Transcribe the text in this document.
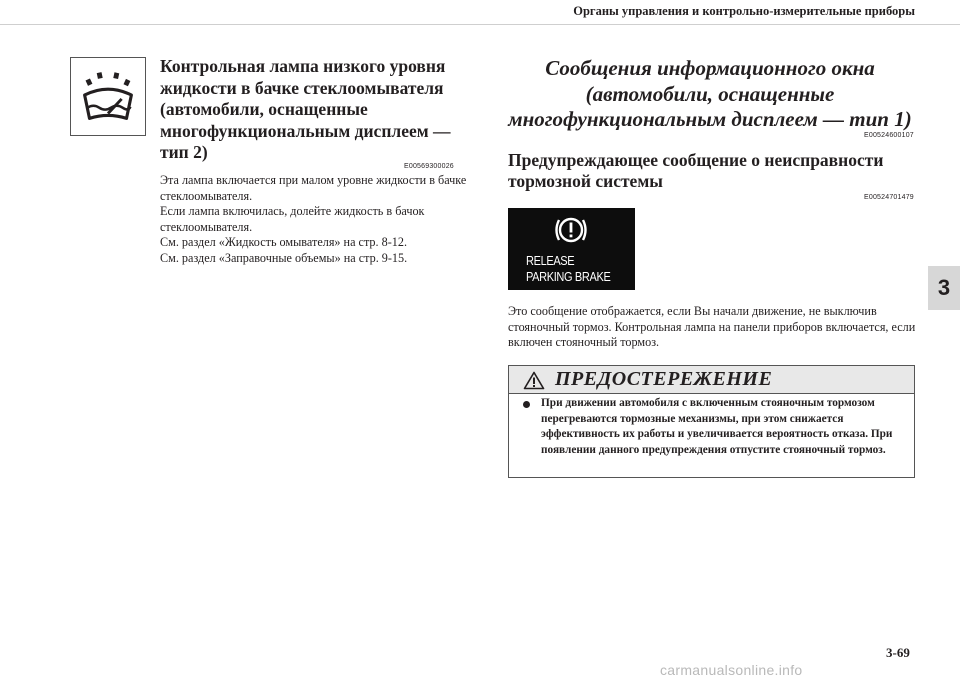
Органы управления и контрольно-измерительные приборы
3
Контрольная лампа низкого уровня жидкости в бачке стеклоомывателя (автомобили, оснащенные многофункциональным дисплеем — тип 2)
E00569300026

Эта лампа включается при малом уровне жидкости в бачке стеклоомывателя.

Если лампа включилась, долейте жидкость в бачок стеклоомывателя.

См. раздел «Жидкость омывателя» на стр. 8-12.

См. раздел «Заправочные объемы» на стр. 9-15.

Сообщения информационного окна (автомобили, оснащенные многофункциональным дисплеем — тип 1)
E00524600107
Предупреждающее сообщение о неисправности тормозной системы
E00524701479
RELEASE
PARKING BRAKE

Это сообщение отображается, если Вы начали движение, не выключив стояночный тормоз. Контрольная лампа на панели приборов включается, если включен стояночный тормоз.

ПРЕДОСТЕРЕЖЕНИЕ
При движении автомобиля с включенным стояночным тормозом перегреваются тормозные механизмы, при этом снижается эффективность их работы и увеличивается вероятность отказа. При появлении данного предупреждения отпустите стояночный тормоз.
3-69
carmanualsonline.info
